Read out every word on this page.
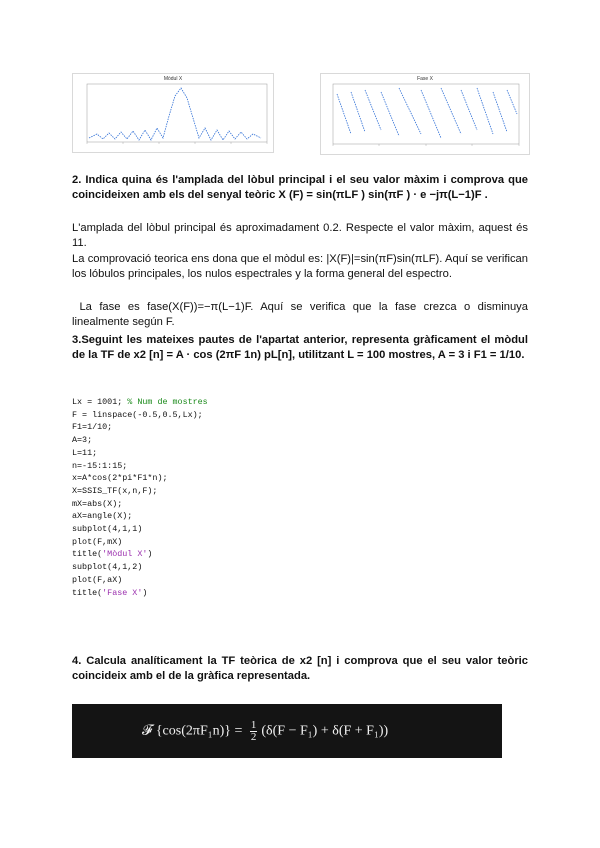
Mòdul X	Fase X
2. Indica quina és l'amplada del lòbul principal i el seu valor màxim i comprova que coincideixen amb els del senyal teòric X (F) = sin(πLF ) sin(πF ) · e −jπ(L−1)F .
L'amplada del lòbul principal és aproximadament 0.2. Respecte el valor màxim, aquest és 11.
La comprovació teorica ens dona que el mòdul es: |X(F)|=sin(πF)sin(πLF). Aquí se verifican los lóbulos principales, los nulos espectrales y la forma general del espectro.
La fase es fase(X(F))=−π(L−1)F. Aquí se verifica que la fase crezca o disminuya linealmente según F.
3.Seguint les mateixes pautes de l'apartat anterior, representa gràficament el mòdul de la TF de x2 [n] = A · cos (2πF 1n) pL[n], utilitzant L = 100 mostres, A = 3 i F1 = 1/10.
Lx = 1001; % Num de mostres
F = linspace(-0.5,0.5,Lx);
F1=1/10;
A=3;
L=11;
n=-15:1:15;
x=A*cos(2*pi*F1*n);
X=SSIS_TF(x,n,F);
mX=abs(X);
aX=angle(X);
subplot(4,1,1)
plot(F,mX)
title('Mòdul X')
subplot(4,1,2)
plot(F,aX)
title('Fase X')
4. Calcula analíticament la TF teòrica de x2 [n] i comprova que el seu valor teòric coincideix amb el de la gràfica representada.
𝓕 $\{\cos(2\pi F_1n)\} = \frac{1}{2} (\delta(F - F_1) + \delta(F + F_1))$
